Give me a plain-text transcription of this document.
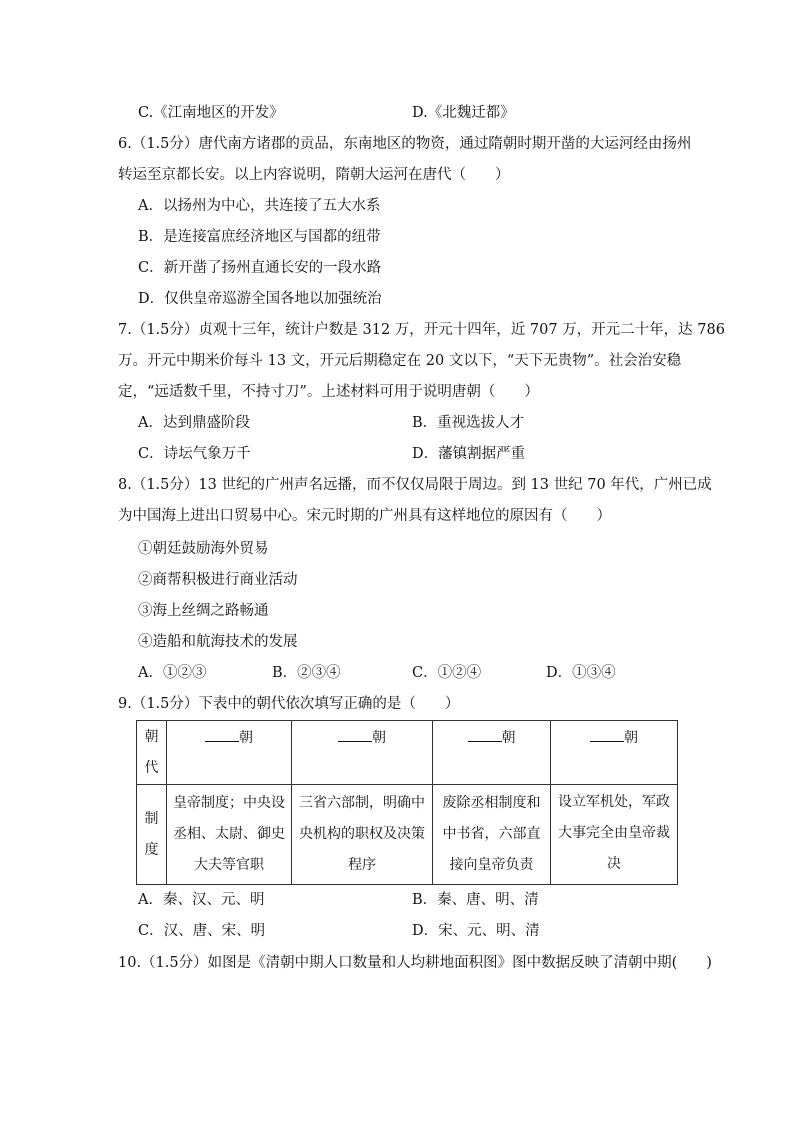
C.《江南地区的开发》	D.《北魏迁都》
6.（1.5分）唐代南方诸郡的贡品，东南地区的物资，通过隋朝时期开凿的大运河经由扬州
转运至京都长安。以上内容说明，隋朝大运河在唐代（　　）
A．以扬州为中心，共连接了五大水系
B．是连接富庶经济地区与国都的纽带
C．新开凿了扬州直通长安的一段水路
D．仅供皇帝巡游全国各地以加强统治
7.（1.5分）贞观十三年，统计户数是 312 万，开元十四年，近 707 万，开元二十年，达 786
万。开元中期米价每斗 13 文，开元后期稳定在 20 文以下，“天下无贵物”。社会治安稳
定，“远适数千里，不持寸刀”。上述材料可用于说明唐朝（　　）
A．达到鼎盛阶段	B．重视选拔人才
C．诗坛气象万千	D．藩镇割据严重
8.（1.5分）13 世纪的广州声名远播，而不仅仅局限于周边。到 13 世纪 70 年代，广州已成
为中国海上进出口贸易中心。宋元时期的广州具有这样地位的原因有（　　）
①朝廷鼓励海外贸易
②商帮积极进行商业活动
③海上丝绸之路畅通
④造船和航海技术的发展
A．①②③	B．②③④	C．①②④	D．①③④
9.（1.5分）下表中的朝代依次填写正确的是（　　）
朝代	朝	朝	朝	朝
制度	皇帝制度；中央设丞相、太尉、御史大夫等官职	三省六部制，明确中央机构的职权及决策程序	废除丞相制度和中书省，六部直接向皇帝负责	设立军机处，军政大事完全由皇帝裁决
A．秦、汉、元、明	B．秦、唐、明、清
C．汉、唐、宋、明	D．宋、元、明、清
10.（1.5分）如图是《清朝中期人口数量和人均耕地面积图》图中数据反映了清朝中期(　　)
